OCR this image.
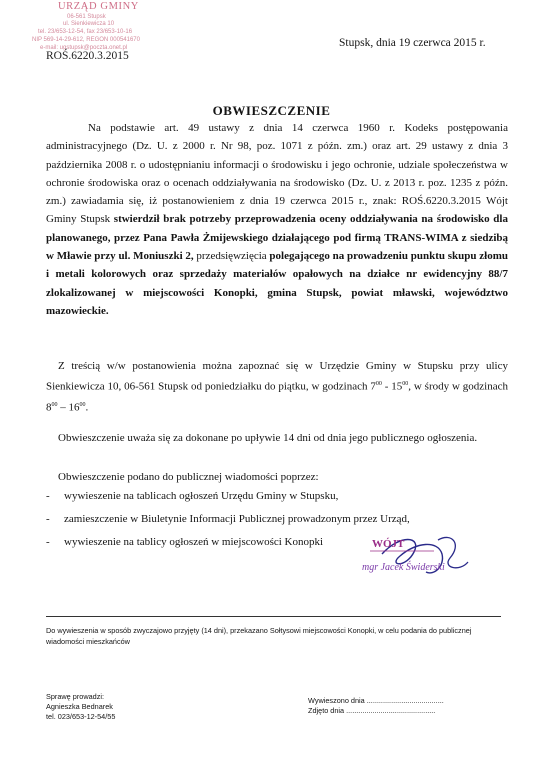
URZĄD GMINY
06-561 Stupsk
ul. Sienkiewicza 10
tel. 23/653-12-54, fax 23/653-10-16
NIP 569-14-29-612, REGON 000541670
e-mail: ugstupsk@poczta.onet.pl
ROŚ.6220.3.2015
Stupsk, dnia 19 czerwca 2015 r.
OBWIESZCZENIE
Na podstawie art. 49 ustawy z dnia 14 czerwca 1960 r. Kodeks postępowania administracyjnego (Dz. U. z 2000 r. Nr 98, poz. 1071 z późn. zm.) oraz art. 29 ustawy z dnia 3 października 2008 r. o udostępnianiu informacji o środowisku i jego ochronie, udziale społeczeństwa w ochronie środowiska oraz o ocenach oddziaływania na środowisko (Dz. U. z 2013 r. poz. 1235 z późn. zm.) zawiadamia się, iż postanowieniem z dnia 19 czerwca 2015 r., znak: ROŚ.6220.3.2015 Wójt Gminy Stupsk stwierdził brak potrzeby przeprowadzenia oceny oddziaływania na środowisko dla planowanego, przez Pana Pawła Żmijewskiego działającego pod firmą TRANS-WIMA z siedzibą w Mławie przy ul. Moniuszki 2, przedsięwzięcia polegającego na prowadzeniu punktu skupu złomu i metali kolorowych oraz sprzedaży materiałów opałowych na działce nr ewidencyjny 88/7 zlokalizowanej w miejscowości Konopki, gmina Stupsk, powiat mławski, województwo mazowieckie.
Z treścią w/w postanowienia można zapoznać się w Urzędzie Gminy w Stupsku przy ulicy Sienkiewicza 10, 06-561 Stupsk od poniedziałku do piątku, w godzinach $7^{00} - 15^{00}$, w środy w godzinach $8^{00} - 16^{00}$.
Obwieszczenie uważa się za dokonane po upływie 14 dni od dnia jego publicznego ogłoszenia.
Obwieszczenie podano do publicznej wiadomości poprzez:
- wywieszenie na tablicach ogłoszeń Urzędu Gminy w Stupsku,
- zamieszczenie w Biuletynie Informacji Publicznej prowadzonym przez Urząd,
- wywieszenie na tablicy ogłoszeń w miejscowości Konopki	WÓJT
mgr Jacek Świderski
Do wywieszenia w sposób zwyczajowo przyjęty (14 dni), przekazano Sołtysowi miejscowości Konopki, w celu podania do publicznej wiadomości mieszkańców
Sprawę prowadzi:
Agnieszka Bednarek
tel. 023/653-12-54/55
Wywieszono dnia ......................................
Zdjęto dnia ............................................
